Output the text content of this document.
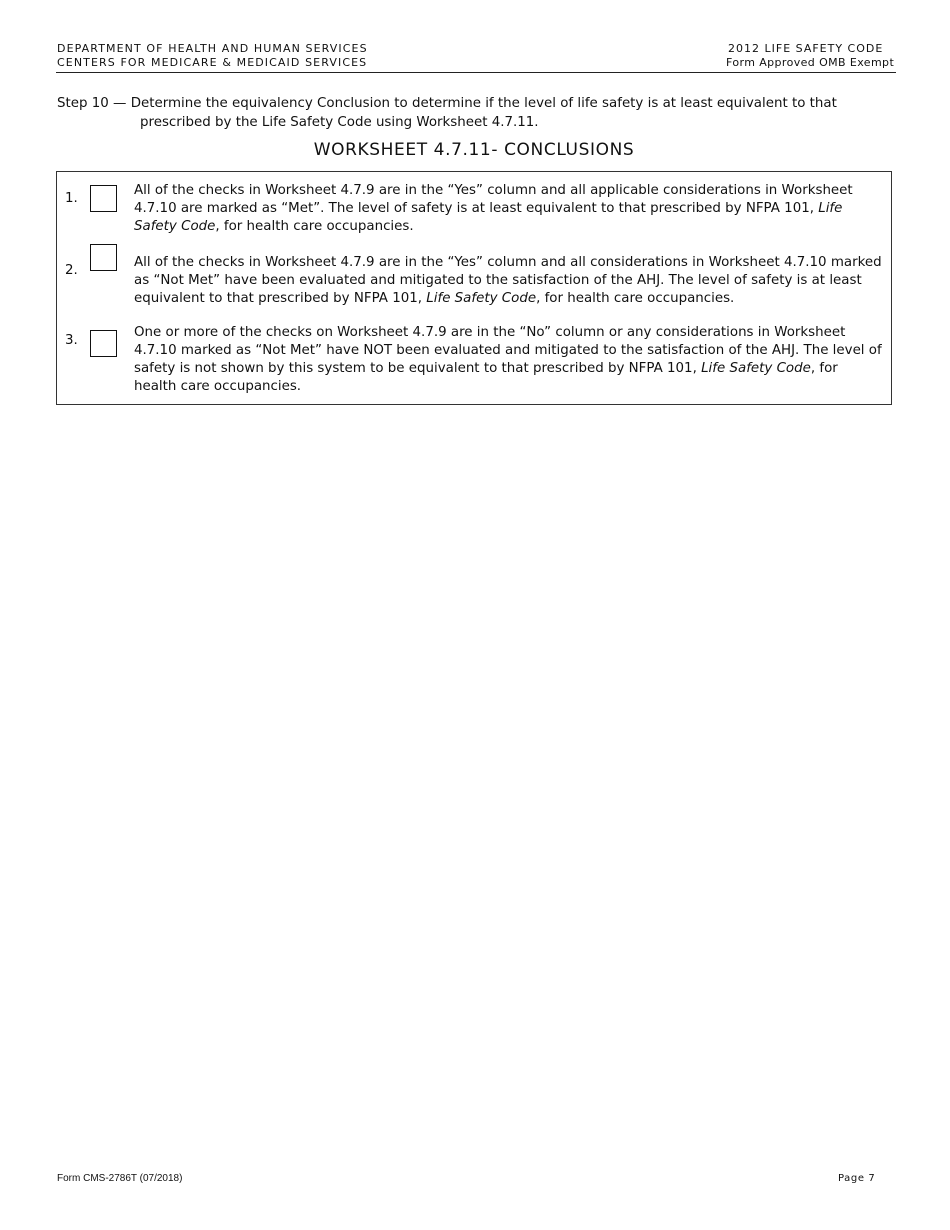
DEPARTMENT OF HEALTH AND HUMAN SERVICES
CENTERS FOR MEDICARE & MEDICAID SERVICES
2012 LIFE SAFETY CODE
Form Approved OMB Exempt
Step 10 — Determine the equivalency Conclusion to determine if the level of life safety is at least equivalent to that
prescribed by the Life Safety Code using Worksheet 4.7.11.
WORKSHEET 4.7.11- CONCLUSIONS
1.
All of the checks in Worksheet 4.7.9 are in the “Yes” column and all applicable considerations in Worksheet 4.7.10 are marked as “Met”. The level of safety is at least equivalent to that prescribed by NFPA 101, Life Safety Code, for health care occupancies.
2.
All of the checks in Worksheet 4.7.9 are in the “Yes” column and all considerations in Worksheet 4.7.10 marked as “Not Met” have been evaluated and mitigated to the satisfaction of the AHJ. The level of safety is at least equivalent to that prescribed by NFPA 101, Life Safety Code, for health care occupancies.
3.
One or more of the checks on Worksheet 4.7.9 are in the “No” column or any considerations in Worksheet 4.7.10 marked as “Not Met” have NOT been evaluated and mitigated to the satisfaction of the AHJ. The level of safety is not shown by this system to be equivalent to that prescribed by NFPA 101, Life Safety Code, for health care occupancies.
Form CMS-2786T (07/2018)	Page 7
